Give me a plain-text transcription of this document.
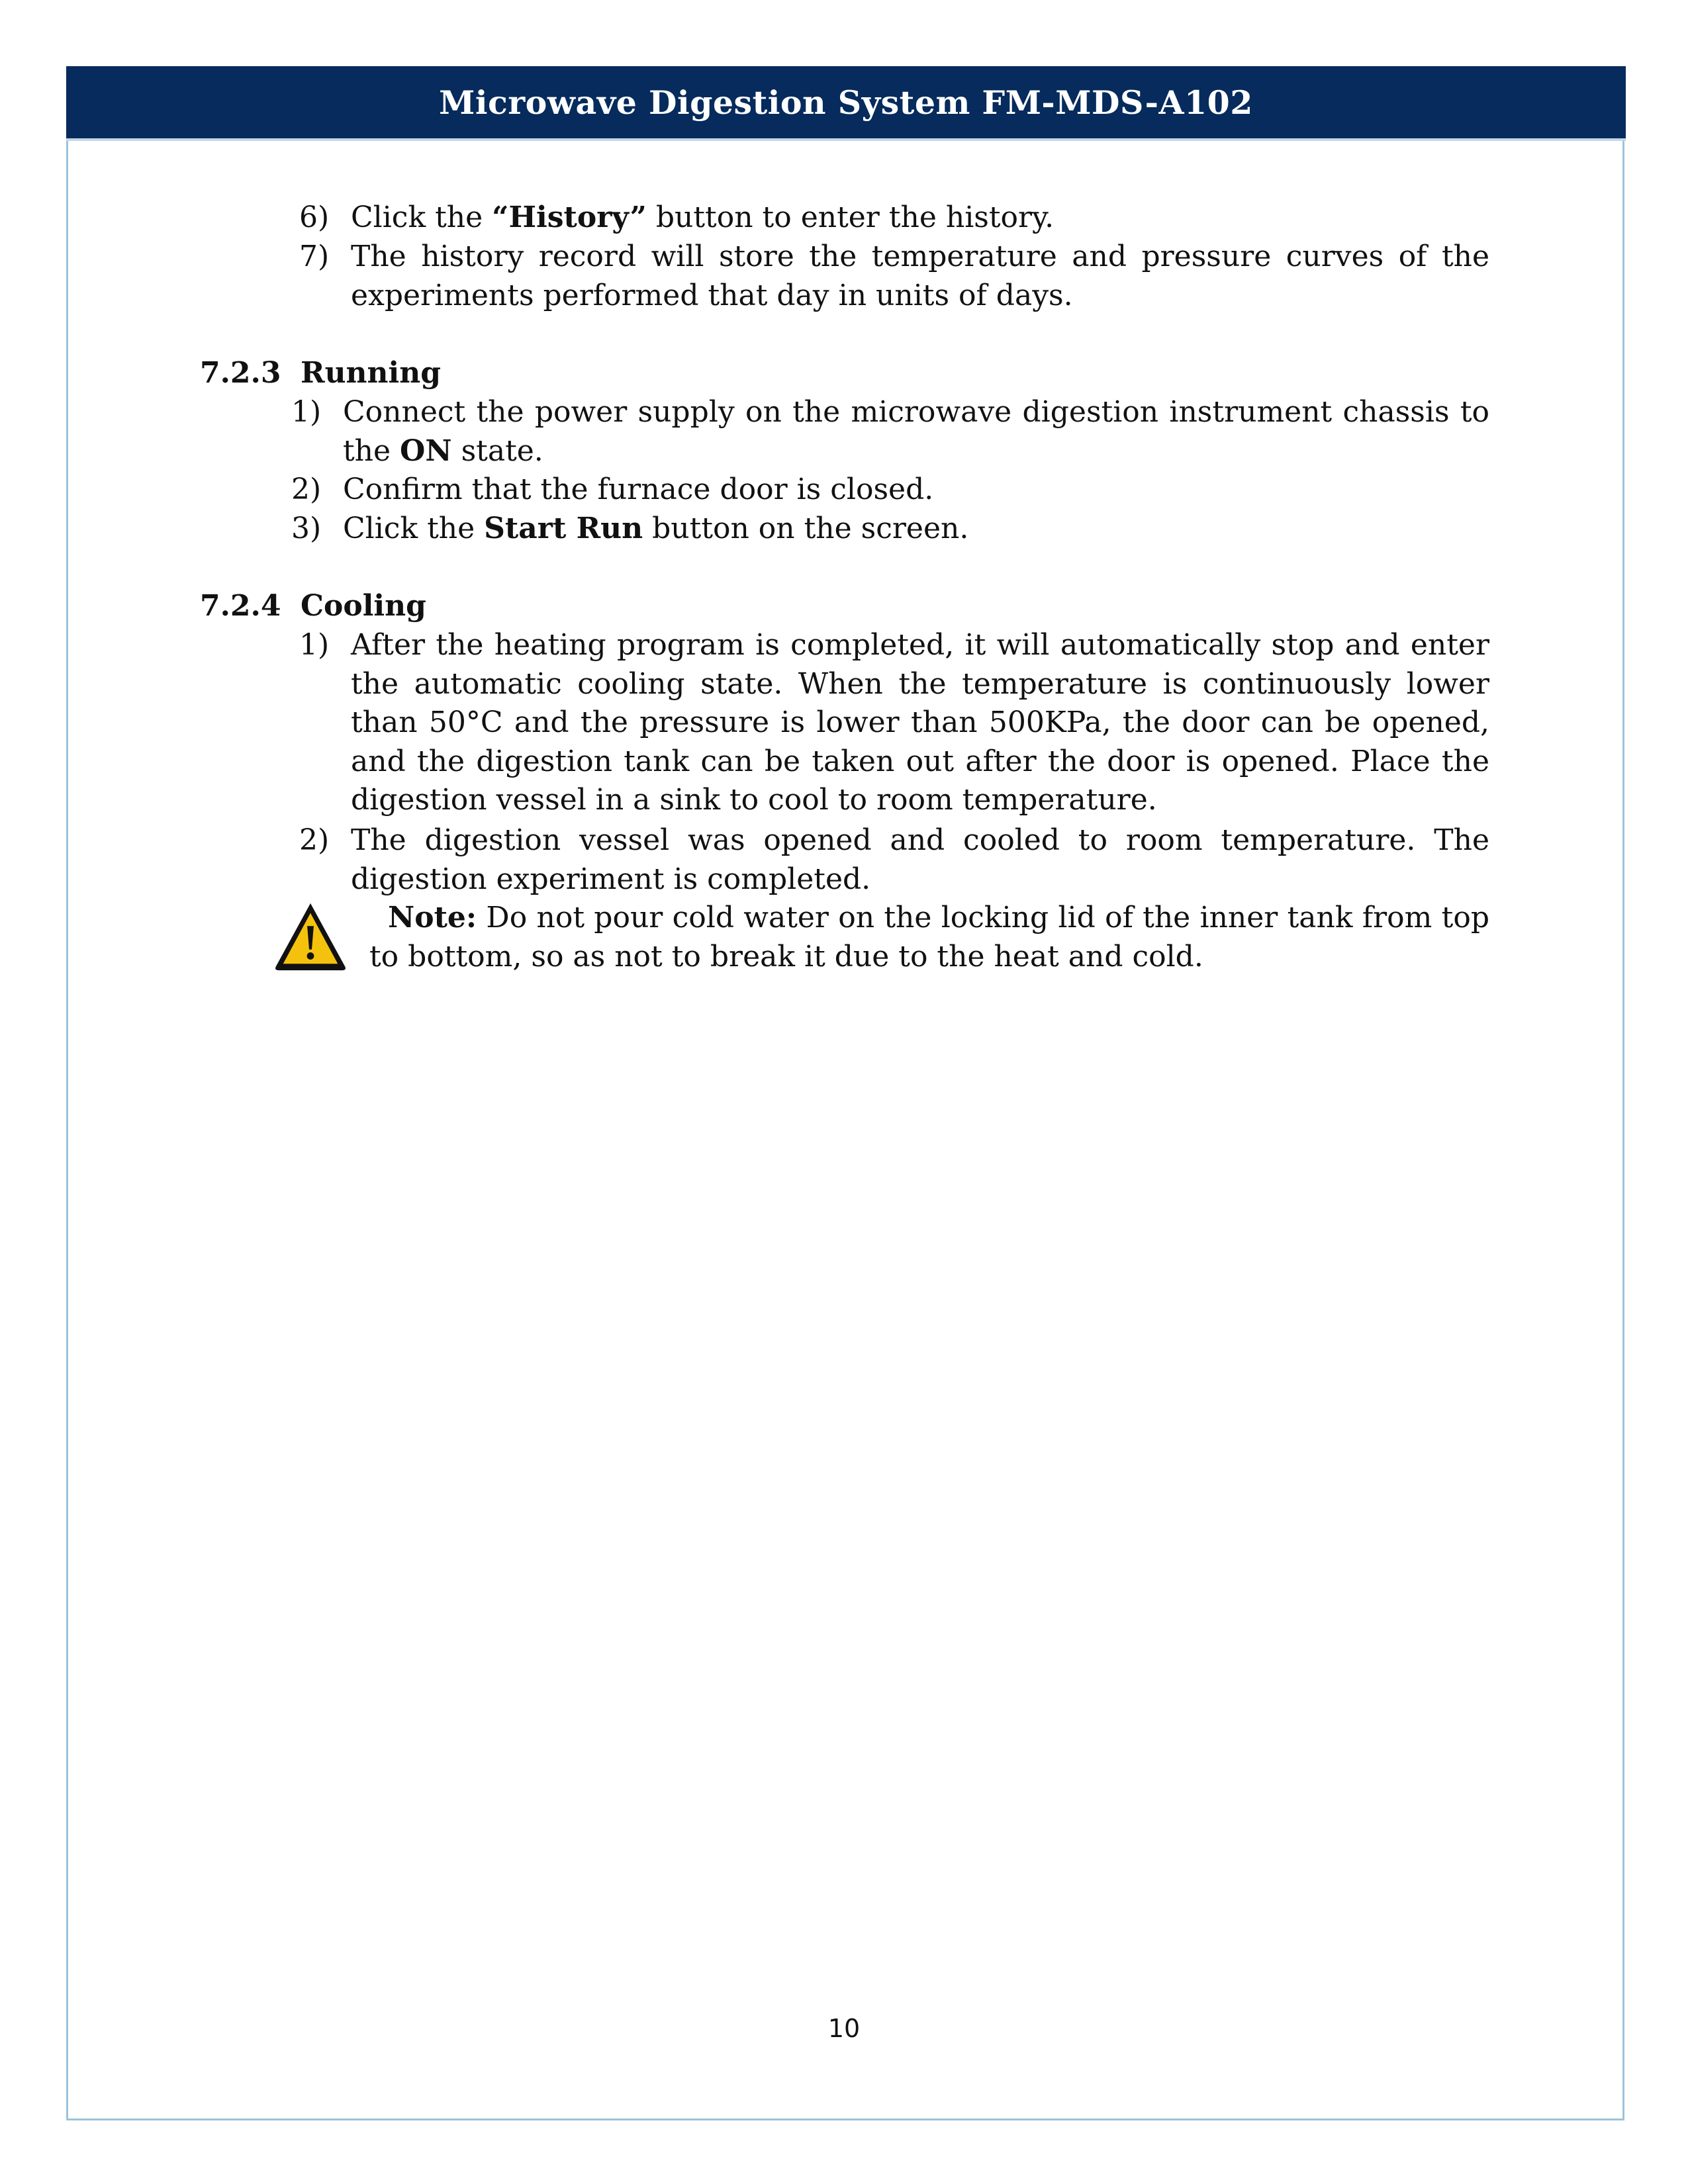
Microwave Digestion System FM-MDS-A102
6) Click the “History” button to enter the history.
7) The history record will store the temperature and pressure curves of the experiments performed that day in units of days.
7.2.3 Running
1) Connect the power supply on the microwave digestion instrument chassis to the ON state.
2) Confirm that the furnace door is closed.
3) Click the Start Run button on the screen.
7.2.4 Cooling
1) After the heating program is completed, it will automatically stop and enter the automatic cooling state. When the temperature is continuously lower than 50°C and the pressure is lower than 500KPa, the door can be opened, and the digestion tank can be taken out after the door is opened. Place the digestion vessel in a sink to cool to room temperature.
2) The digestion vessel was opened and cooled to room temperature. The digestion experiment is completed.
Note: Do not pour cold water on the locking lid of the inner tank from top to bottom, so as not to break it due to the heat and cold.
10
